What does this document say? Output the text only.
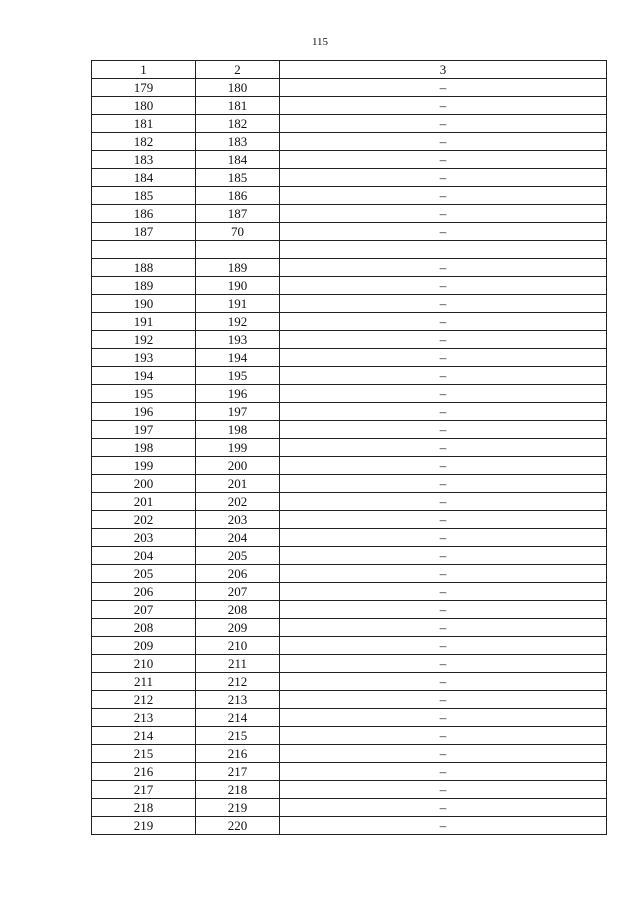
115
1	2	3
179	180	–
180	181	–
181	182	–
182	183	–
183	184	–
184	185	–
185	186	–
186	187	–
187	70	–

188	189	–
189	190	–
190	191	–
191	192	–
192	193	–
193	194	–
194	195	–
195	196	–
196	197	–
197	198	–
198	199	–
199	200	–
200	201	–
201	202	–
202	203	–
203	204	–
204	205	–
205	206	–
206	207	–
207	208	–
208	209	–
209	210	–
210	211	–
211	212	–
212	213	–
213	214	–
214	215	–
215	216	–
216	217	–
217	218	–
218	219	–
219	220	–
